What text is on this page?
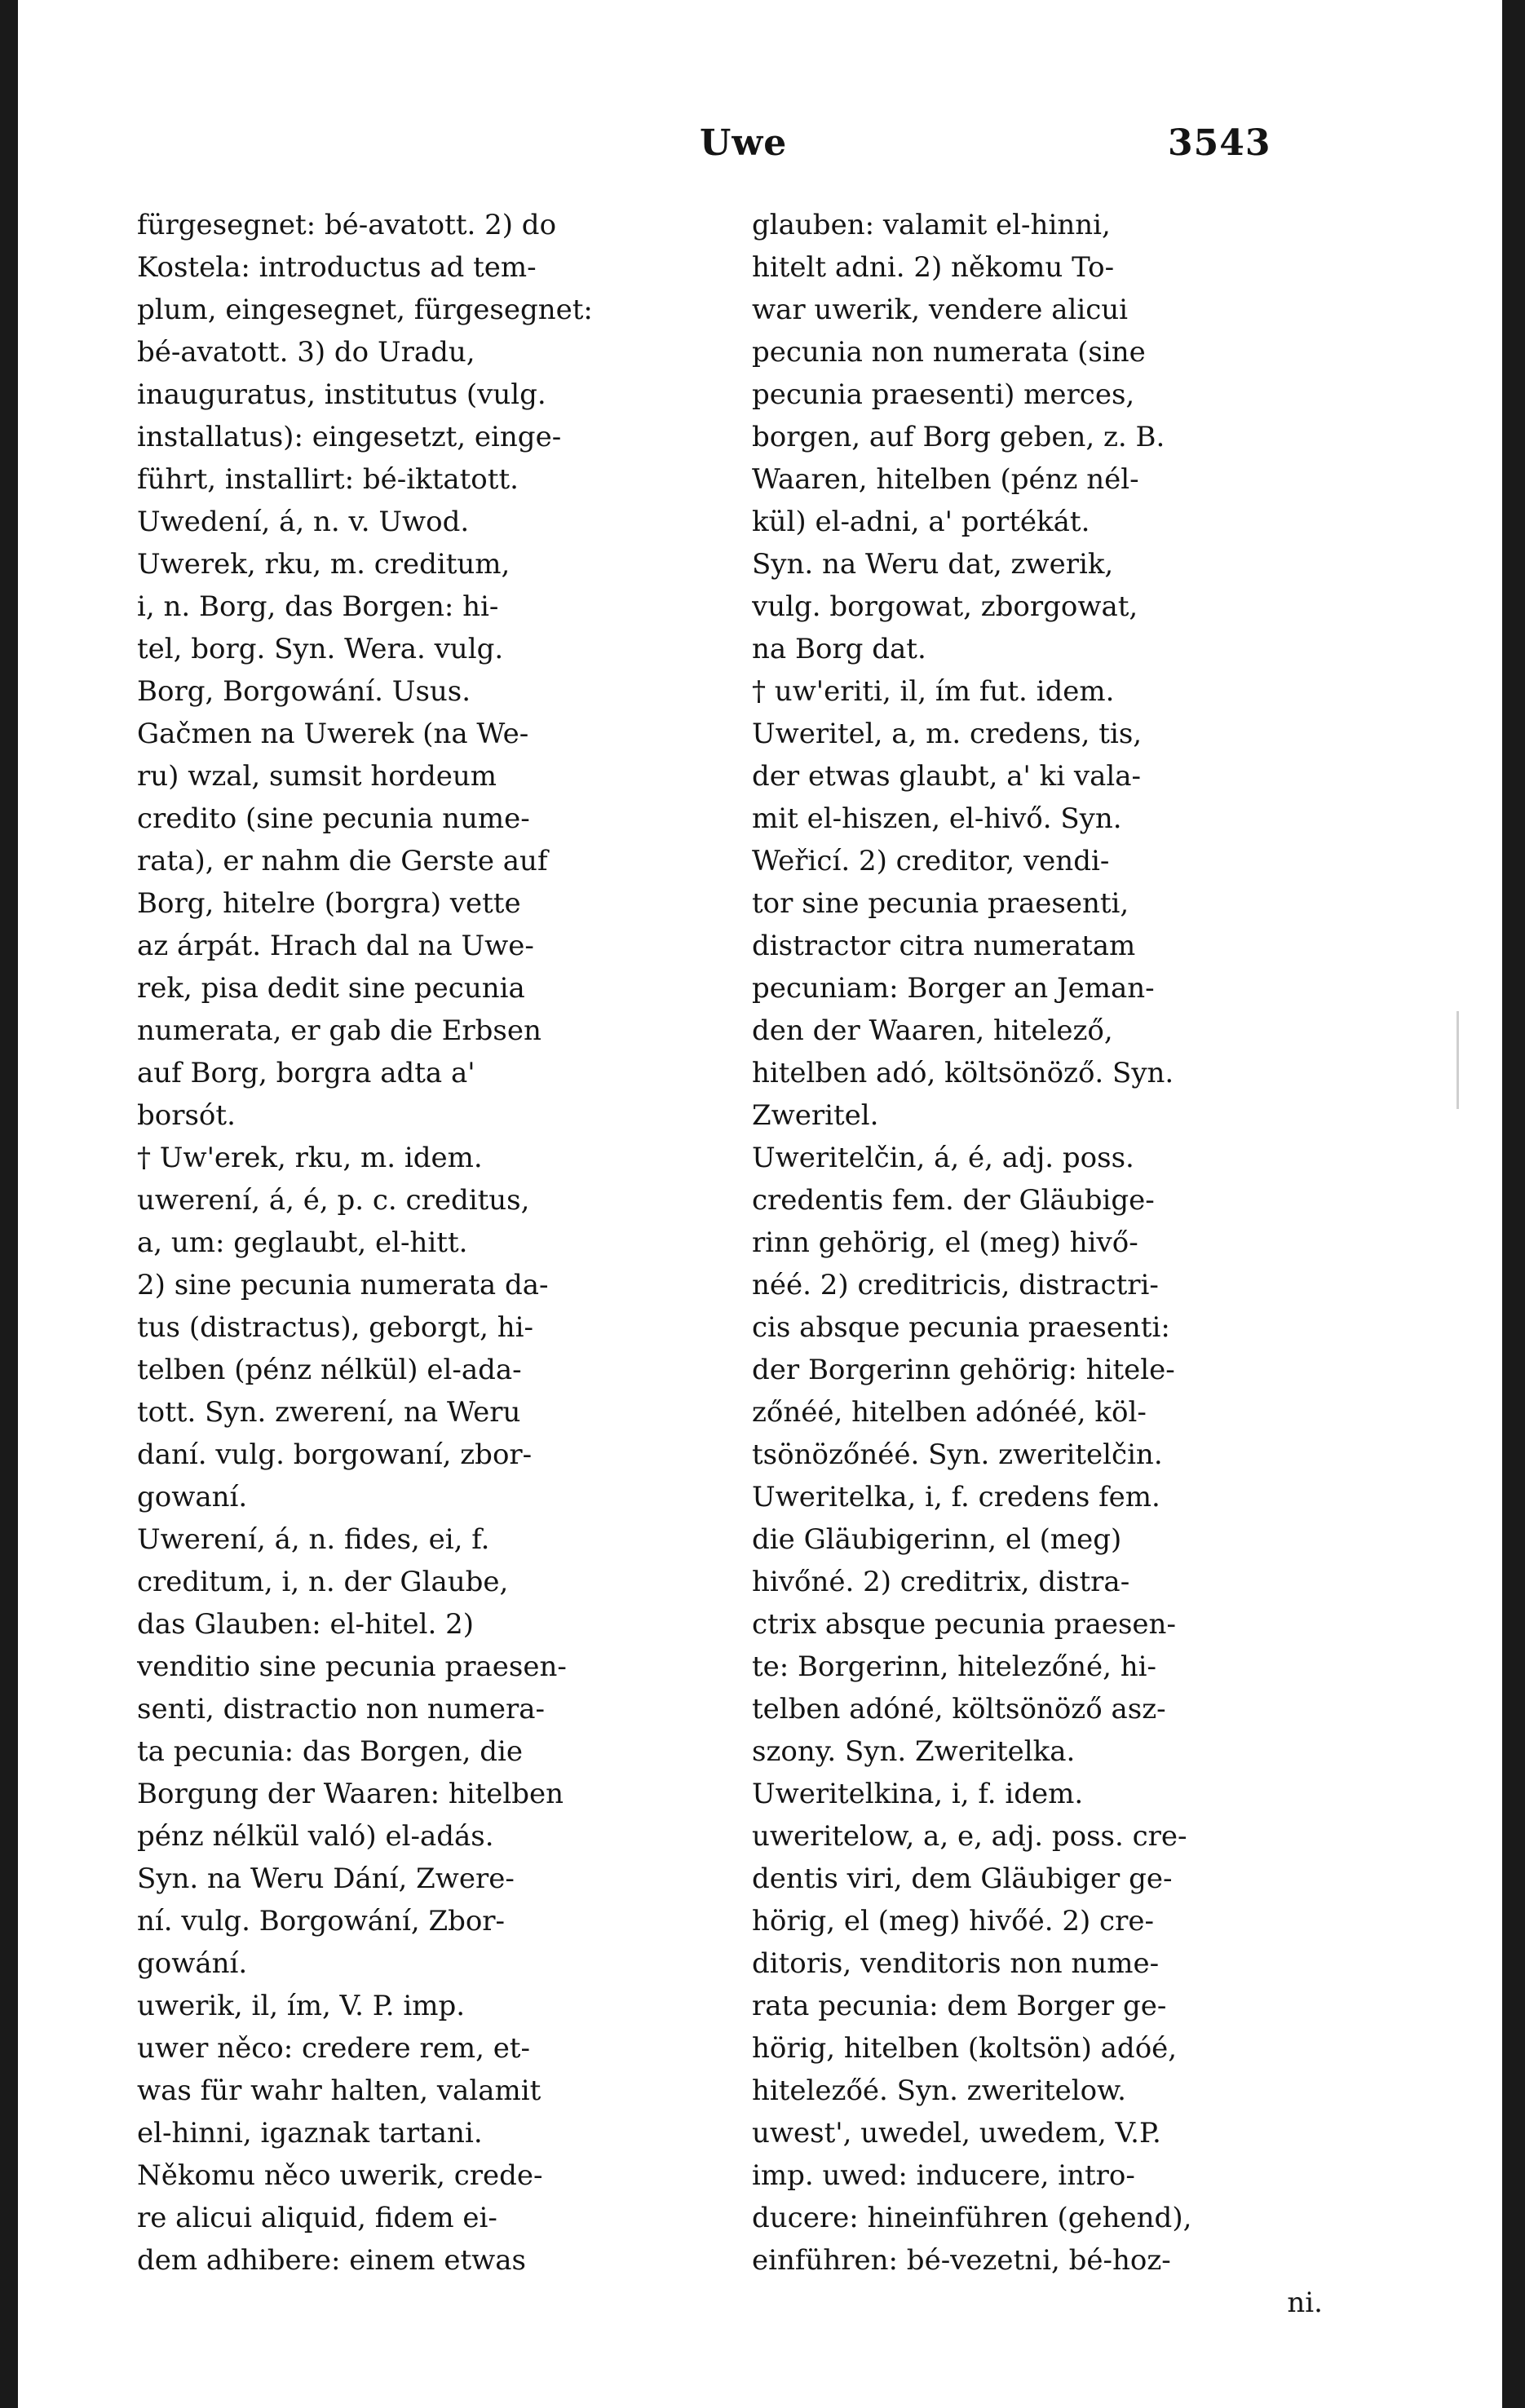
Uwe	3543
fürgesegnet: bé-avatott. 2) do
Kostela: introductus ad tem-
plum, eingesegnet, fürgesegnet:
bé-avatott. 3) do Uradu,
inauguratus, institutus (vulg.
installatus): eingesetzt, einge-
führt, installirt: bé-iktatott.
Uwedení, á, n. v. Uwod.
Uwerek, rku, m. creditum,
i, n. Borg, das Borgen: hi-
tel, borg. Syn. Wera. vulg.
Borg, Borgowání. Usus.
Gačmen na Uwerek (na We-
ru) wzal, sumsit hordeum
credito (sine pecunia nume-
rata), er nahm die Gerste auf
Borg, hitelre (borgra) vette
az árpát. Hrach dal na Uwe-
rek, pisa dedit sine pecunia
numerata, er gab die Erbsen
auf Borg, borgra adta a'
borsót.
† Uw'erek, rku, m. idem.
uwerení, á, é, p. c. creditus,
a, um: geglaubt, el-hitt.
2) sine pecunia numerata da-
tus (distractus), geborgt, hi-
telben (pénz nélkül) el-ada-
tott. Syn. zwerení, na Weru
daní. vulg. borgowaní, zbor-
gowaní.
Uwerení, á, n. fides, ei, f.
creditum, i, n. der Glaube,
das Glauben: el-hitel. 2)
venditio sine pecunia praesen-
senti, distractio non numera-
ta pecunia: das Borgen, die
Borgung der Waaren: hitelben
pénz nélkül való) el-adás.
Syn. na Weru Dání, Zwere-
ní. vulg. Borgowání, Zbor-
gowání.
uwerik, il, ím, V. P. imp.
uwer něco: credere rem, et-
was für wahr halten, valamit
el-hinni, igaznak tartani.
Někomu něco uwerik, crede-
re alicui aliquid, fidem ei-
dem adhibere: einem etwas
glauben: valamit el-hinni,
hitelt adni. 2) někomu To-
war uwerik, vendere alicui
pecunia non numerata (sine
pecunia praesenti) merces,
borgen, auf Borg geben, z. B.
Waaren, hitelben (pénz nél-
kül) el-adni, a' portékát.
Syn. na Weru dat, zwerik,
vulg. borgowat, zborgowat,
na Borg dat.
† uw'eriti, il, ím fut. idem.
Uweritel, a, m. credens, tis,
der etwas glaubt, a' ki vala-
mit el-hiszen, el-hivő. Syn.
Weřicí. 2) creditor, vendi-
tor sine pecunia praesenti,
distractor citra numeratam
pecuniam: Borger an Jeman-
den der Waaren, hitelező,
hitelben adó, költsönöző. Syn.
Zweritel.
Uweritelčin, á, é, adj. poss.
credentis fem. der Gläubige-
rinn gehörig, el (meg) hivő-
néé. 2) creditricis, distractri-
cis absque pecunia praesenti:
der Borgerinn gehörig: hitele-
zőnéé, hitelben adónéé, köl-
tsönözőnéé. Syn. zweritelčin.
Uweritelka, i, f. credens fem.
die Gläubigerinn, el (meg)
hivőné. 2) creditrix, distra-
ctrix absque pecunia praesen-
te: Borgerinn, hitelezőné, hi-
telben adóné, költsönöző asz-
szony. Syn. Zweritelka.
Uweritelkina, i, f. idem.
uweritelow, a, e, adj. poss. cre-
dentis viri, dem Gläubiger ge-
hörig, el (meg) hivőé. 2) cre-
ditoris, venditoris non nume-
rata pecunia: dem Borger ge-
hörig, hitelben (koltsön) adóé,
hitelezőé. Syn. zweritelow.
uwest', uwedel, uwedem, V.P.
imp. uwed: inducere, intro-
ducere: hineinführen (gehend),
einführen: bé-vezetni, bé-hoz-
ni.
